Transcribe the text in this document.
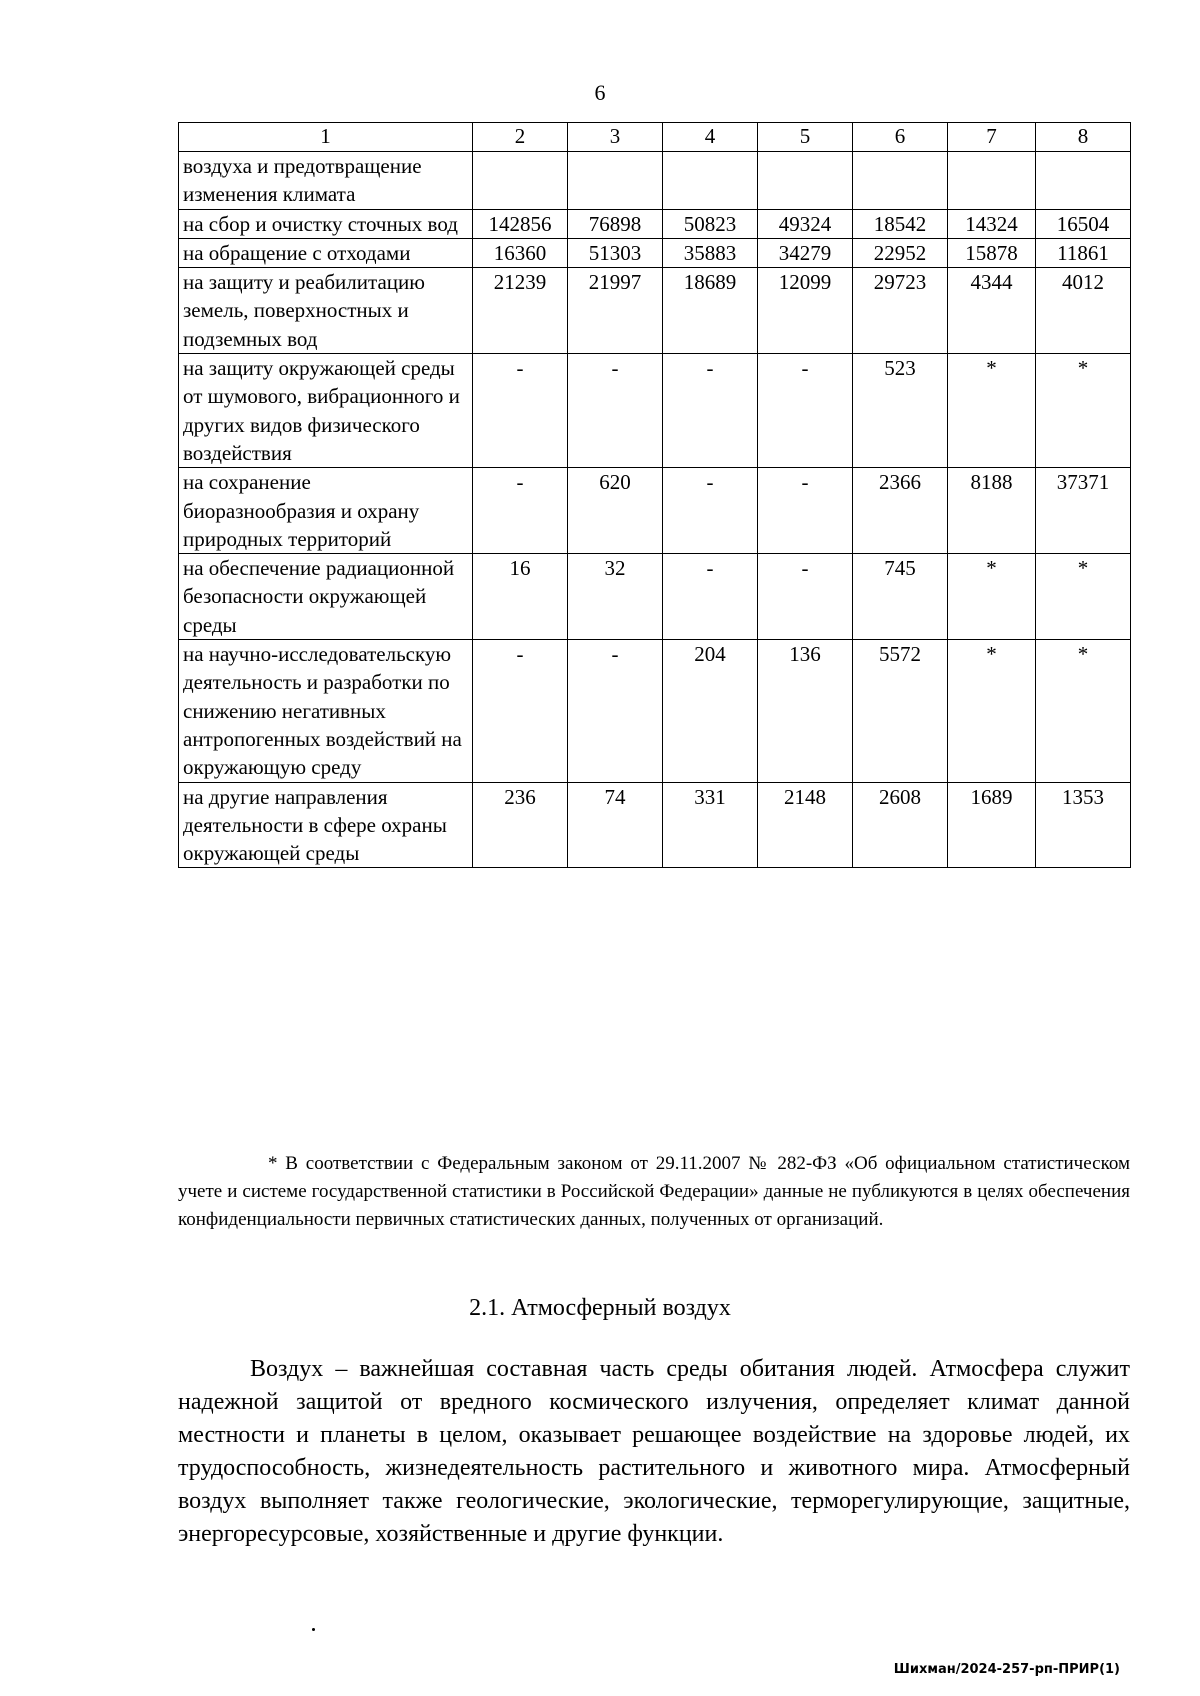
6
1	2	3	4	5	6	7	8
воздуха и предотвращение изменения климата							
на сбор и очистку сточных вод	142856	76898	50823	49324	18542	14324	16504
на обращение с отходами	16360	51303	35883	34279	22952	15878	11861
на защиту и реабилитацию земель, поверхностных и подземных вод	21239	21997	18689	12099	29723	4344	4012
на защиту окружающей среды от шумового, вибрационного и других видов физического воздействия	-	-	-	-	523	*	*
на сохранение биоразнообразия и охрану природных территорий	-	620	-	-	2366	8188	37371
на обеспечение радиационной безопасности окружающей среды	16	32	-	-	745	*	*
на научно-исследовательскую деятельность и разработки по снижению негативных антропогенных воздействий на окружающую среду	-	-	204	136	5572	*	*
на другие направления деятельности в сфере охраны окружающей среды	236	74	331	2148	2608	1689	1353

* В соответствии с Федеральным законом от 29.11.2007 № 282-ФЗ «Об официальном статистическом учете и системе государственной статистики в Российской Федерации» данные не публикуются в целях обеспечения конфиденциальности первичных статистических данных, полученных от организаций.

2.1. Атмосферный воздух

Воздух – важнейшая составная часть среды обитания людей. Атмосфера служит надежной защитой от вредного космического излучения, определяет климат данной местности и планеты в целом, оказывает решающее воздействие на здоровье людей, их трудоспособность, жизнедеятельность растительного и животного мира. Атмосферный воздух выполняет также геологические, экологические, терморегулирующие, защитные, энергоресурсовые, хозяйственные и другие функции.

Шихман/2024-257-рп-ПРИР(1)
